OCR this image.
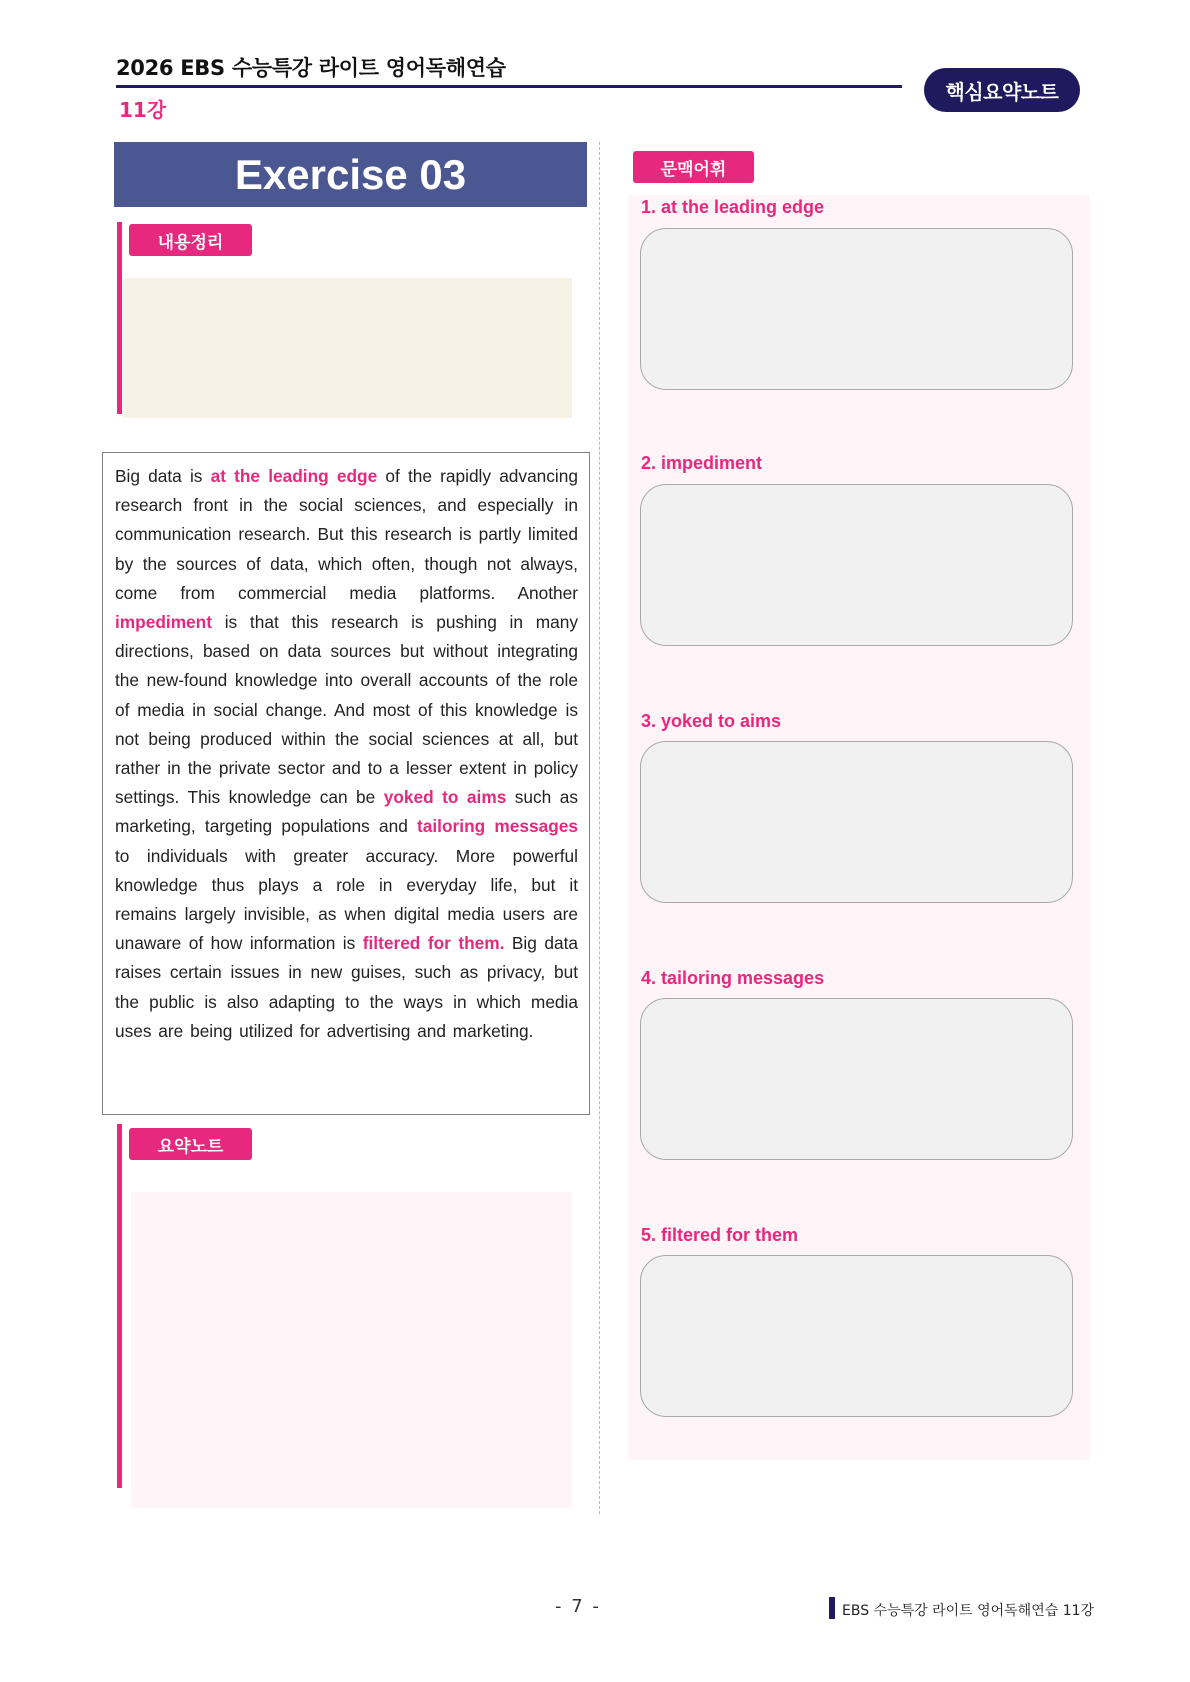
2026 EBS 수능특강 라이트 영어독해연습
11강
핵심요약노트
Exercise 03
내용정리

Big data is at the leading edge of the rapidly advancing research front in the social sciences, and especially in communication research. But this research is partly limited by the sources of data, which often, though not always, come from commercial media platforms. Another impediment is that this research is pushing in many directions, based on data sources but without integrating the new-found knowledge into overall accounts of the role of media in social change. And most of this knowledge is not being produced within the social sciences at all, but rather in the private sector and to a lesser extent in policy settings. This knowledge can be yoked to aims such as marketing, targeting populations and tailoring messages to individuals with greater accuracy. More powerful knowledge thus plays a role in everyday life, but it remains largely invisible, as when digital media users are unaware of how information is filtered for them. Big data raises certain issues in new guises, such as privacy, but the public is also adapting to the ways in which media uses are being utilized for advertising and marketing.

요약노트
문맥어휘
1. at the leading edge
2. impediment
3. yoked to aims
4. tailoring messages
5. filtered for them
- 7 -	EBS 수능특강 라이트 영어독해연습 11강
